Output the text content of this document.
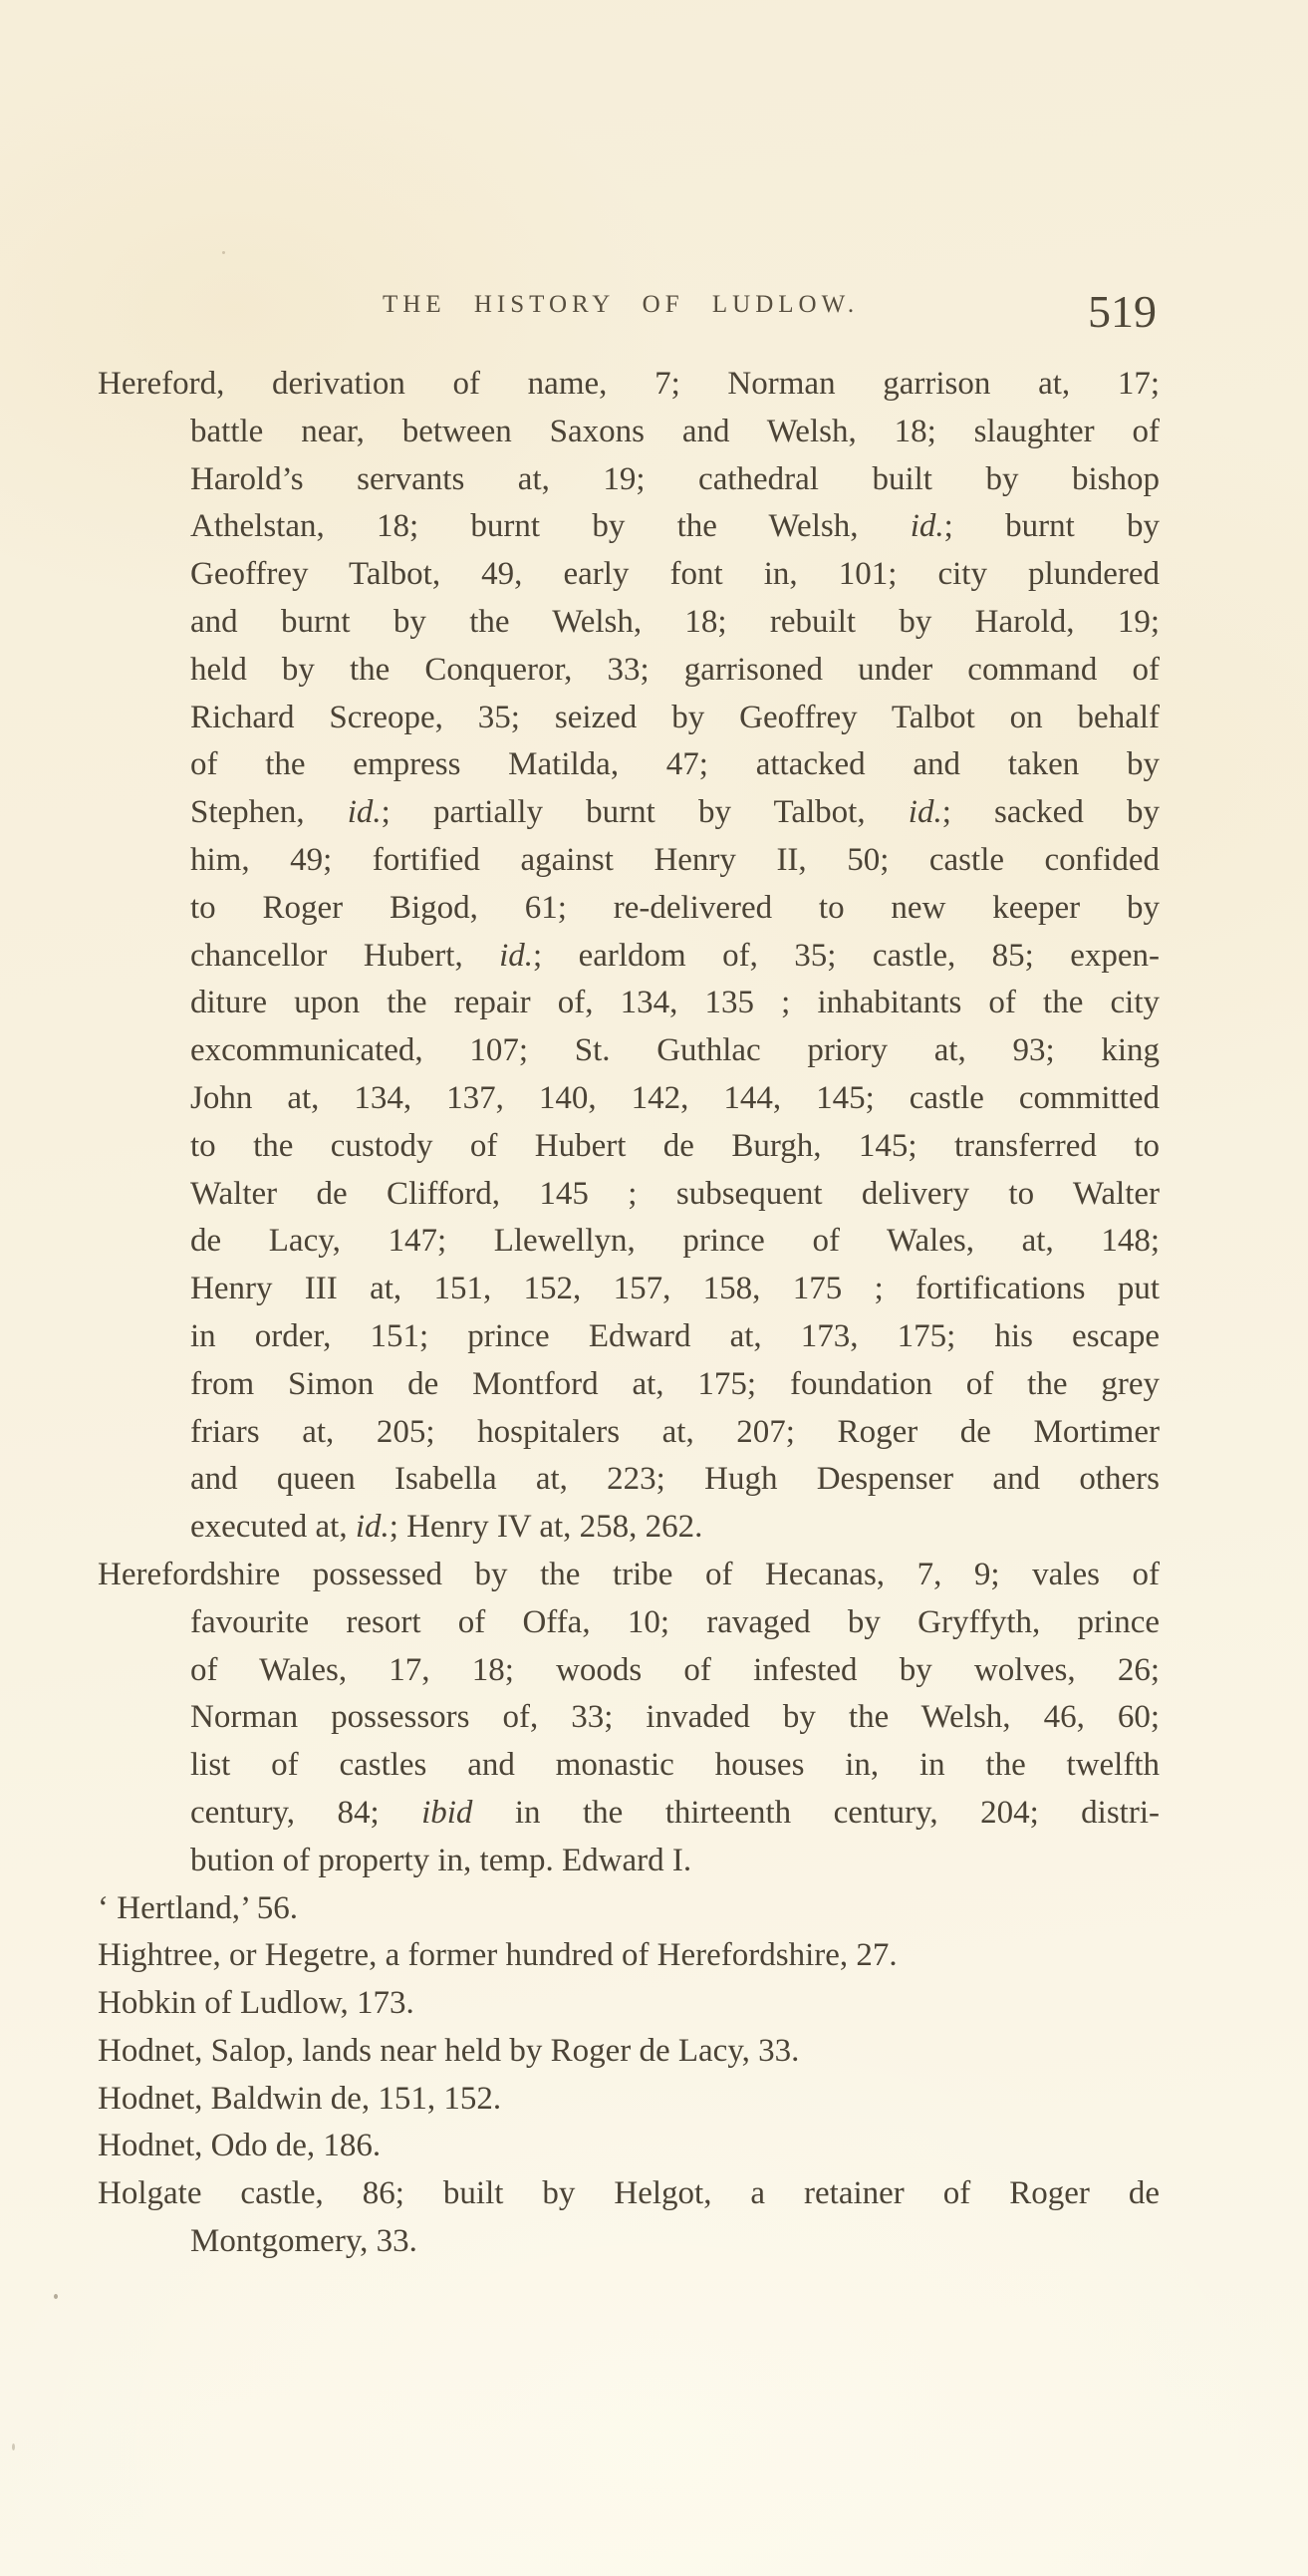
THE HISTORY OF LUDLOW.	519
Hereford, derivation of name, 7; Norman garrison at, 17;
battle near, between Saxons and Welsh, 18; slaughter of
Harold’s servants at, 19; cathedral built by bishop
Athelstan, 18; burnt by the Welsh, id.; burnt by
Geoffrey Talbot, 49, early font in, 101; city plundered
and burnt by the Welsh, 18; rebuilt by Harold, 19;
held by the Conqueror, 33; garrisoned under command of
Richard Screope, 35; seized by Geoffrey Talbot on behalf
of the empress Matilda, 47; attacked and taken by
Stephen, id.; partially burnt by Talbot, id.; sacked by
him, 49; fortified against Henry II, 50; castle confided
to Roger Bigod, 61; re-delivered to new keeper by
chancellor Hubert, id.; earldom of, 35; castle, 85; expen-
diture upon the repair of, 134, 135 ; inhabitants of the city
excommunicated, 107; St. Guthlac priory at, 93; king
John at, 134, 137, 140, 142, 144, 145; castle committed
to the custody of Hubert de Burgh, 145; transferred to
Walter de Clifford, 145 ; subsequent delivery to Walter
de Lacy, 147; Llewellyn, prince of Wales, at, 148;
Henry III at, 151, 152, 157, 158, 175 ; fortifications put
in order, 151; prince Edward at, 173, 175; his escape
from Simon de Montford at, 175; foundation of the grey
friars at, 205; hospitalers at, 207; Roger de Mortimer
and queen Isabella at, 223; Hugh Despenser and others
executed at, id.; Henry IV at, 258, 262.
Herefordshire possessed by the tribe of Hecanas, 7, 9; vales of
favourite resort of Offa, 10; ravaged by Gryffyth, prince
of Wales, 17, 18; woods of infested by wolves, 26;
Norman possessors of, 33; invaded by the Welsh, 46, 60;
list of castles and monastic houses in, in the twelfth
century, 84; ibid in the thirteenth century, 204; distri-
bution of property in, temp. Edward I.
‘ Hertland,’ 56.
Hightree, or Hegetre, a former hundred of Herefordshire, 27.
Hobkin of Ludlow, 173.
Hodnet, Salop, lands near held by Roger de Lacy, 33.
Hodnet, Baldwin de, 151, 152.
Hodnet, Odo de, 186.
Holgate castle, 86; built by Helgot, a retainer of Roger de
Montgomery, 33.
